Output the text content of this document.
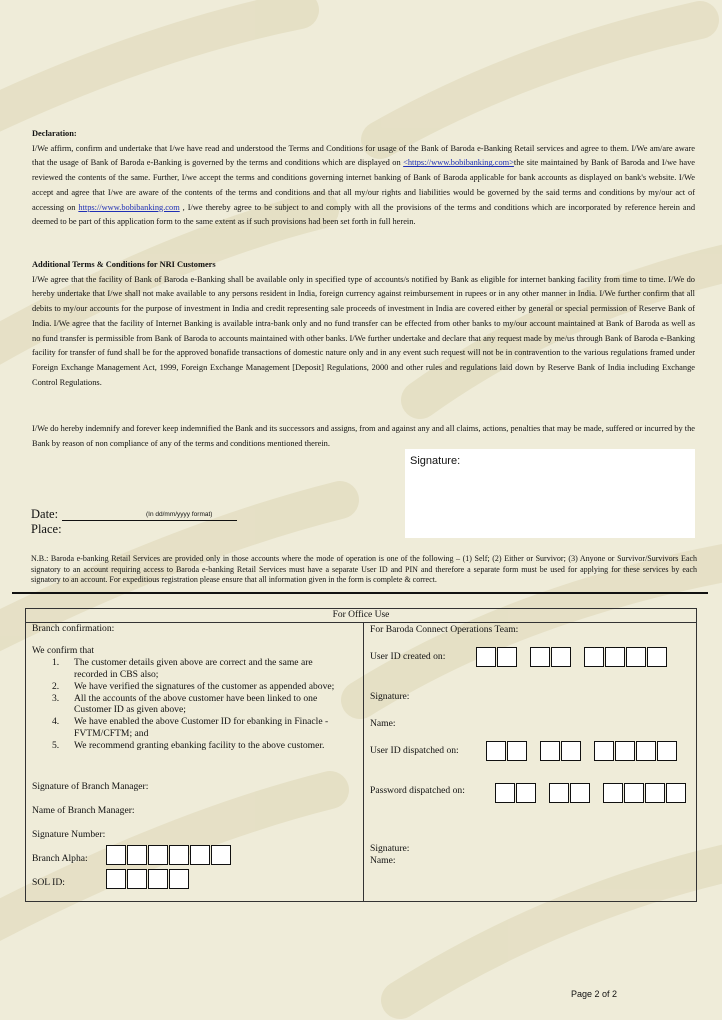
Declaration:
I/We affirm, confirm and undertake that I/we have read and understood the Terms and Conditions for usage of the Bank of Baroda e-Banking Retail services and agree to them. I/We am/are aware that the usage of Bank of Baroda e-Banking is governed by the terms and conditions which are displayed on <https://www.bobibanking.com>the site maintained by Bank of Baroda and I/we have reviewed the contents of the same. Further, I/we accept the terms and conditions governing internet banking of Bank of Baroda applicable for bank accounts as displayed on bank's website. I/We accept and agree that I/we are aware of the contents of the terms and conditions and that all my/our rights and liabilities would be governed by the said terms and conditions by my/our act of accessing on https://www.bobibanking.com , I/we thereby agree to be subject to and comply with all the provisions of the terms and conditions which are incorporated by reference herein and deemed to be part of this application form to the same extent as if such provisions had been set forth in full herein.
Additional Terms & Conditions for NRI Customers
I/We agree that the facility of Bank of Baroda e-Banking shall be available only in specified type of accounts/s notified by Bank as eligible for internet banking facility from time to time. I/We do hereby undertake that I/we shall not make available to any persons resident in India, foreign currency against reimbursement in rupees or in any other manner in India. I/We further confirm that all debits to my/our accounts for the purpose of investment in India and credit representing sale proceeds of investment in India are covered either by general or special permission of Reserve Bank of India. I/We agree that the facility of Internet Banking is available intra-bank only and no fund transfer can be effected from other banks to my/our account maintained at Bank of Baroda as well as no fund transfer is permissible from Bank of Baroda to accounts maintained with other banks. I/We further undertake and declare that any request made by me/us through Bank of Baroda e-Banking facility for transfer of fund shall be for the approved bonafide transactions of domestic nature only and in any event such request will not be in contravention to the various regulations framed under Foreign Exchange Management Act, 1999, Foreign Exchange Management [Deposit] Regulations, 2000 and other rules and regulations laid down by Reserve Bank of India including Exchange Control Regulations.
I/We do hereby indemnify and forever keep indemnified the Bank and its successors and assigns, from and against any and all claims, actions, penalties that may be made, suffered or incurred by the Bank by reason of non compliance of any of the terms and conditions mentioned therein.
Signature:
Date:	(In dd/mm/yyyy format)
Place:
N.B.: Baroda e-banking Retail Services are provided only in those accounts where the mode of operation is one of the following – (1) Self; (2) Either or Survivor; (3) Anyone or Survivor/Survivors Each signatory to an account requiring access to Baroda e-banking Retail Services must have a separate User ID and PIN and therefore a separate form must be used for applying for these services by each signatory to an account. For expeditious registration please ensure that all information given in the form is complete & correct.
For Office Use
Branch confirmation:
We confirm that
1. The customer details given above are correct and the same are recorded in CBS also;
2. We have verified the signatures of the customer as appended above;
3. All the accounts of the above customer have been linked to one Customer ID as given above;
4. We have enabled the above Customer ID for ebanking in Finacle - FVTM/CFTM; and
5. We recommend granting ebanking facility to the above customer.
Signature of Branch Manager:
Name of Branch Manager:
Signature Number:
Branch Alpha:
SOL ID:
For Baroda Connect Operations Team:
User ID created on:
Signature:
Name:
User ID dispatched on:
Password dispatched on:
Signature:
Name:
Page 2 of 2
